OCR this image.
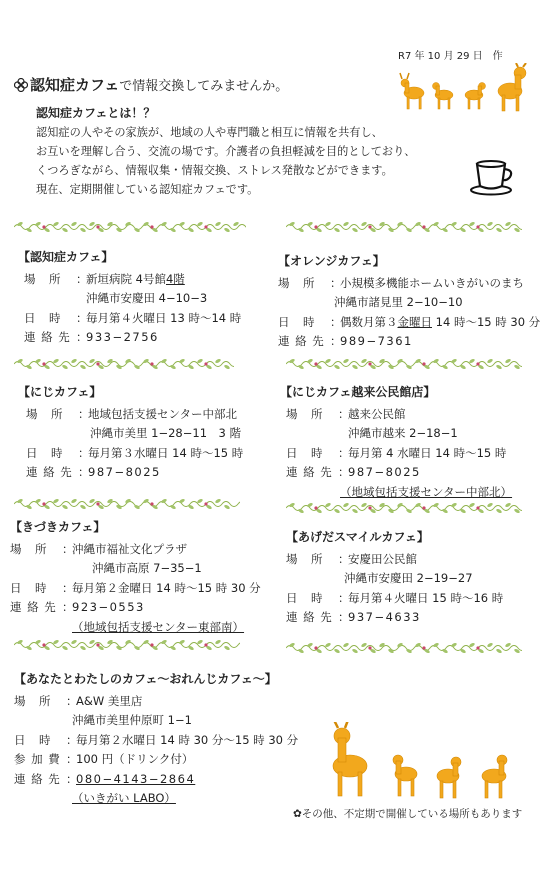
R7 年 10 月 29 日　作
認知症カフェで情報交換してみませんか。
認知症カフェとは！？
認知症の人やその家族が、地域の人や専門職と相互に情報を共有し、
お互いを理解し合う、交流の場です。介護者の負担軽減を目的としており、
くつろぎながら、情報収集・情報交換、ストレス発散などができます。
現在、定期開催している認知症カフェです。
【認知症カフェ】
場　所 ：新垣病院 4号館4階
沖縄市安慶田 4−10−3
日　時 ：毎月第４火曜日 13 時〜14 時
連 絡 先 ：933−2756
【オレンジカフェ】
場　所 ：小規模多機能ホームいきがいのまち
沖縄市諸見里 2−10−10
日　時 ：偶数月第３金曜日 14 時〜15 時 30 分
連 絡 先 ：989−7361
【にじカフェ】
場　所 ：地域包括支援センター中部北
沖縄市美里 1−28−11　3 階
日　時 ：毎月第３水曜日 14 時〜15 時
連 絡 先 ：987−8025
【にじカフェ越来公民館店】
場　所 ：越来公民館
沖縄市越来 2−18−1
日　時 ：毎月第 4 水曜日 14 時〜15 時
連 絡 先 ：987−8025
（地域包括支援センター中部北）
【きづきカフェ】
場　所 ：沖縄市福祉文化プラザ
沖縄市高原 7−35−1
日　時 ：毎月第２金曜日 14 時〜15 時 30 分
連 絡 先 ：923−0553
（地域包括支援センター東部南）
【あげだスマイルカフェ】
場　所 ：安慶田公民館
沖縄市安慶田 2−19−27
日　時 ：毎月第４火曜日 15 時〜16 時
連 絡 先 ：937−4633
【あなたとわたしのカフェ〜おれんじカフェ〜】
場　所 ：A&W 美里店
沖縄市美里仲原町 1−1
日　時 ：毎月第２水曜日 14 時 30 分〜15 時 30 分
参 加 費 ：100 円（ドリンク付）
連 絡 先 ：080−4143−2864
（いきがい LABO）
✿その他、不定期で開催している場所もあります
